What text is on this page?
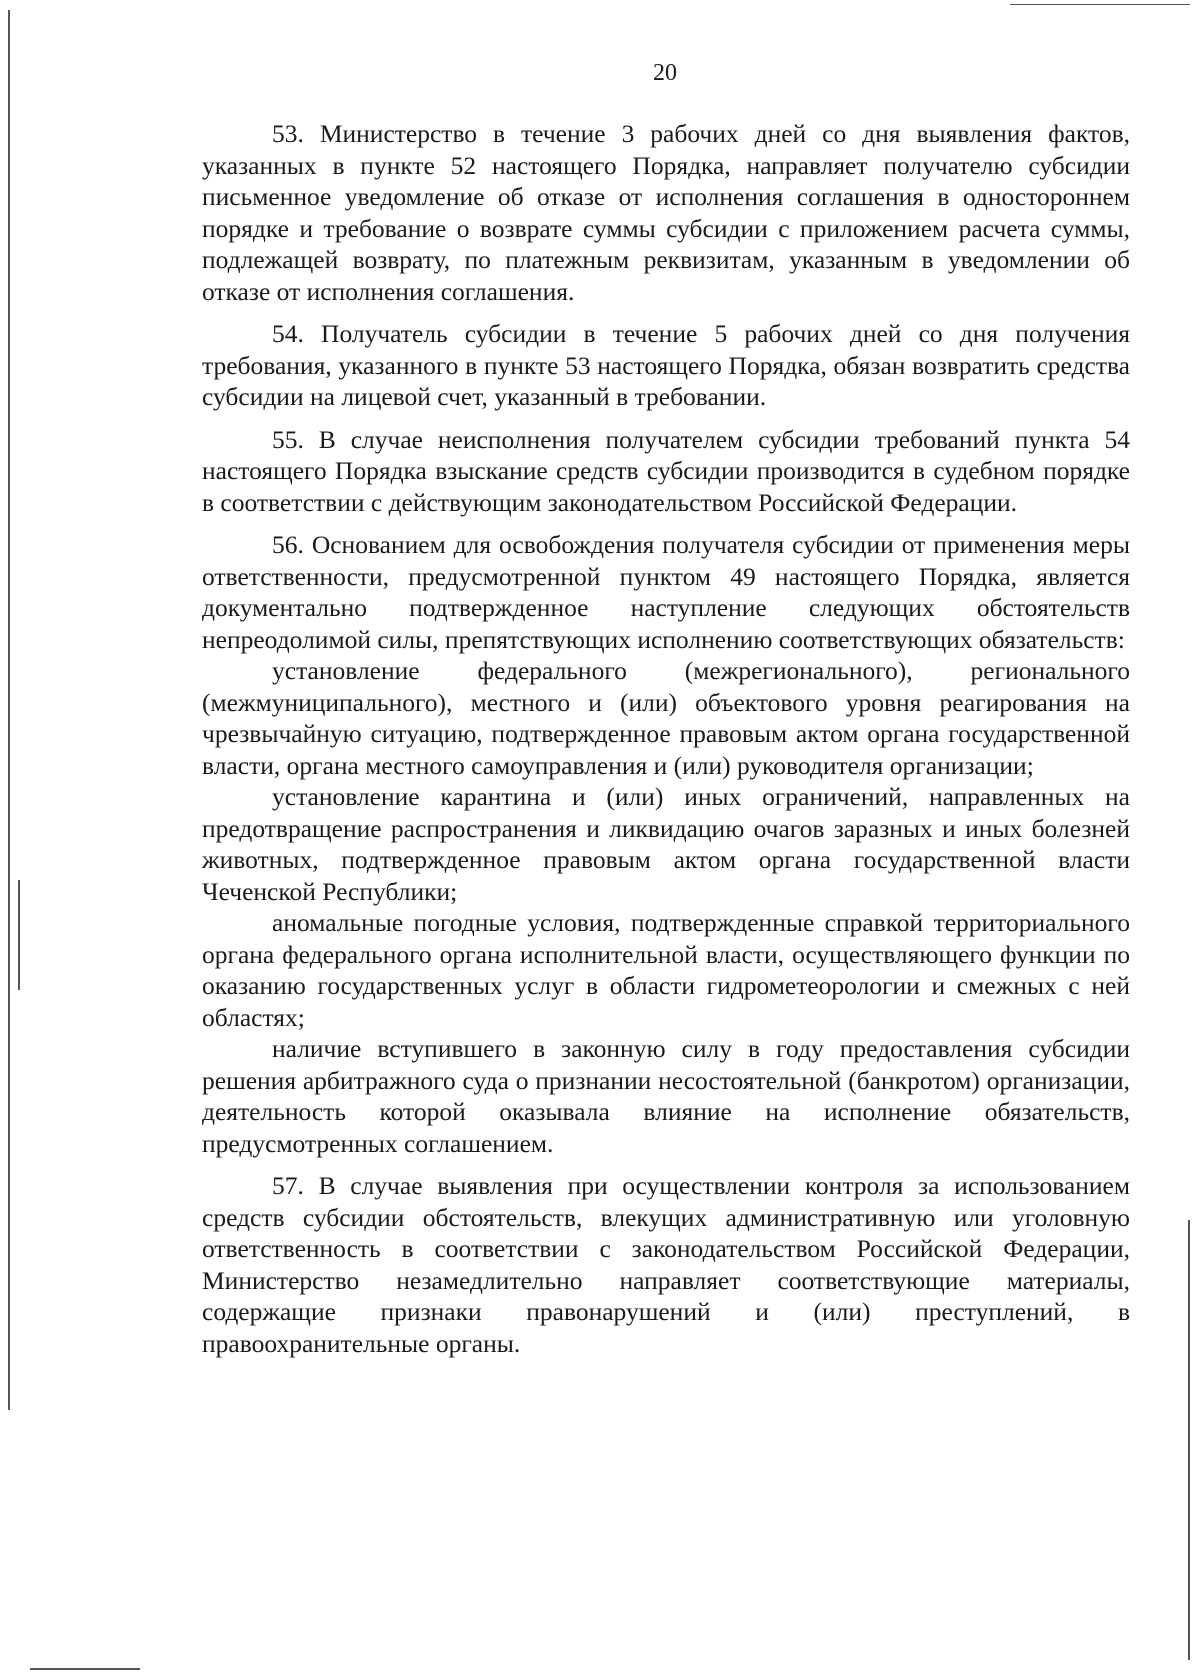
20

53. Министерство в течение 3 рабочих дней со дня выявления фактов, указанных в пункте 52 настоящего Порядка, направляет получателю субсидии письменное уведомление об отказе от исполнения соглашения в одностороннем порядке и требование о возврате суммы субсидии с приложением расчета суммы, подлежащей возврату, по платежным реквизитам, указанным в уведомлении об отказе от исполнения соглашения.

54. Получатель субсидии в течение 5 рабочих дней со дня получения требования, указанного в пункте 53 настоящего Порядка, обязан возвратить средства субсидии на лицевой счет, указанный в требовании.

55. В случае неисполнения получателем субсидии требований пункта 54 настоящего Порядка взыскание средств субсидии производится в судебном порядке в соответствии с действующим законодательством Российской Федерации.

56. Основанием для освобождения получателя субсидии от применения меры ответственности, предусмотренной пунктом 49 настоящего Порядка, является документально подтвержденное наступление следующих обстоятельств непреодолимой силы, препятствующих исполнению соответствующих обязательств:

установление федерального (межрегионального), регионального (межмуниципального), местного и (или) объектового уровня реагирования на чрезвычайную ситуацию, подтвержденное правовым актом органа государственной власти, органа местного самоуправления и (или) руководителя организации;

установление карантина и (или) иных ограничений, направленных на предотвращение распространения и ликвидацию очагов заразных и иных болезней животных, подтвержденное правовым актом органа государственной власти Чеченской Республики;

аномальные погодные условия, подтвержденные справкой территориального органа федерального органа исполнительной власти, осуществляющего функции по оказанию государственных услуг в области гидрометеорологии и смежных с ней областях;

наличие вступившего в законную силу в году предоставления субсидии решения арбитражного суда о признании несостоятельной (банкротом) организации, деятельность которой оказывала влияние на исполнение обязательств, предусмотренных соглашением.

57. В случае выявления при осуществлении контроля за использованием средств субсидии обстоятельств, влекущих административную или уголовную ответственность в соответствии с законодательством Российской Федерации, Министерство незамедлительно направляет соответствующие материалы, содержащие признаки правонарушений и (или) преступлений, в правоохранительные органы.
